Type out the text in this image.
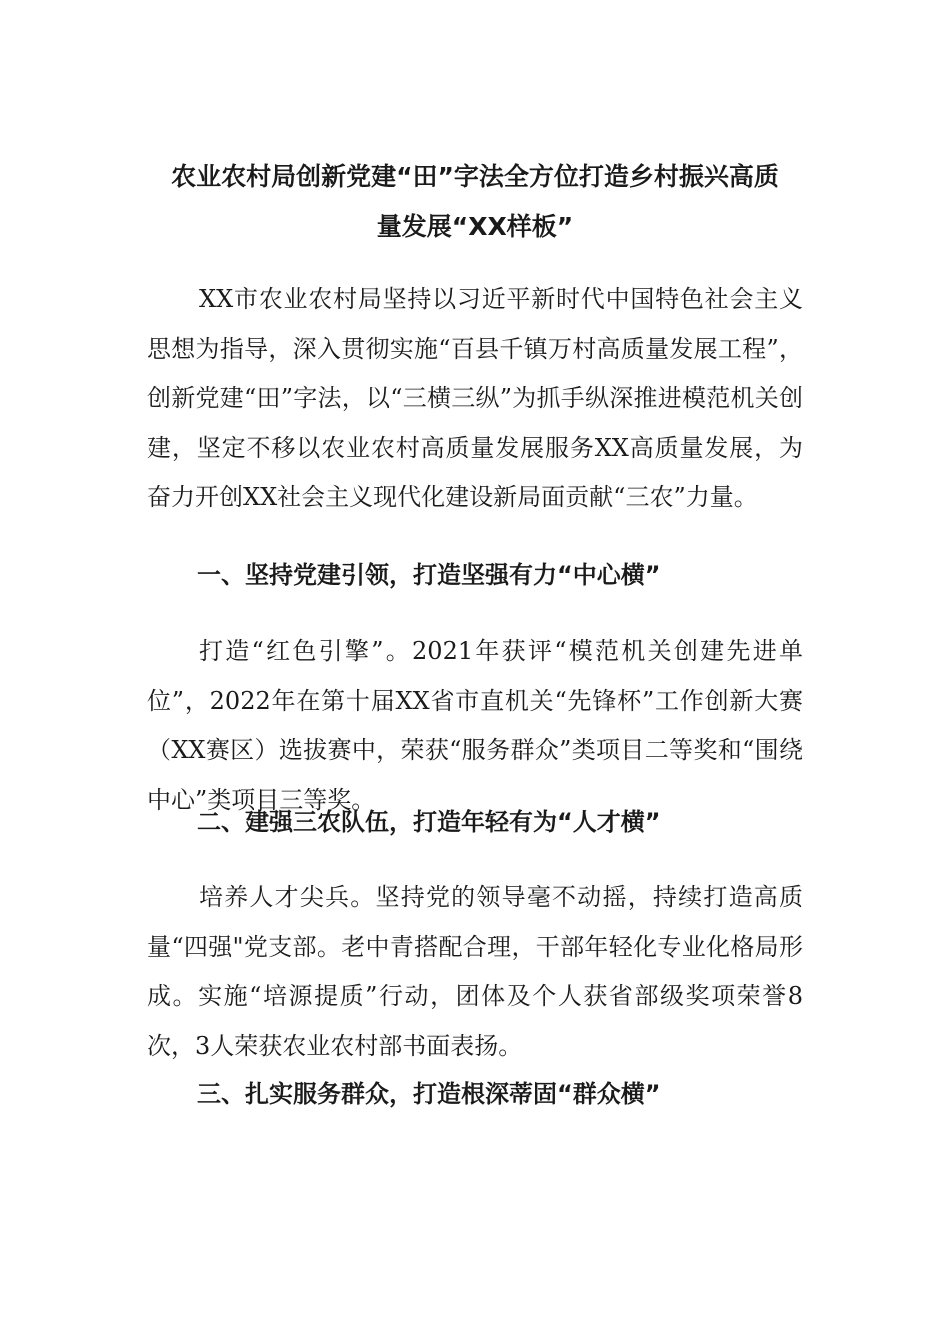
农业农村局创新党建“田”字法全方位打造乡村振兴高质
量发展“XX样板”

XX市农业农村局坚持以习近平新时代中国特色社会主义思想为指导，深入贯彻实施“百县千镇万村高质量发展工程”，创新党建“田”字法，以“三横三纵”为抓手纵深推进模范机关创建，坚定不移以农业农村高质量发展服务XX高质量发展，为奋力开创XX社会主义现代化建设新局面贡献“三农”力量。

一、坚持党建引领，打造坚强有力“中心横”

打造“红色引擎”。2021年获评“模范机关创建先进单位”，2022年在第十届XX省市直机关“先锋杯”工作创新大赛（XX赛区）选拔赛中，荣获“服务群众”类项目二等奖和“围绕中心”类项目三等奖。

二、建强三农队伍，打造年轻有为“人才横”

培养人才尖兵。坚持党的领导毫不动摇，持续打造高质量“四强"党支部。老中青搭配合理，干部年轻化专业化格局形成。实施“培源提质”行动，团体及个人获省部级奖项荣誉8次，3人荣获农业农村部书面表扬。

三、扎实服务群众，打造根深蒂固“群众横”
